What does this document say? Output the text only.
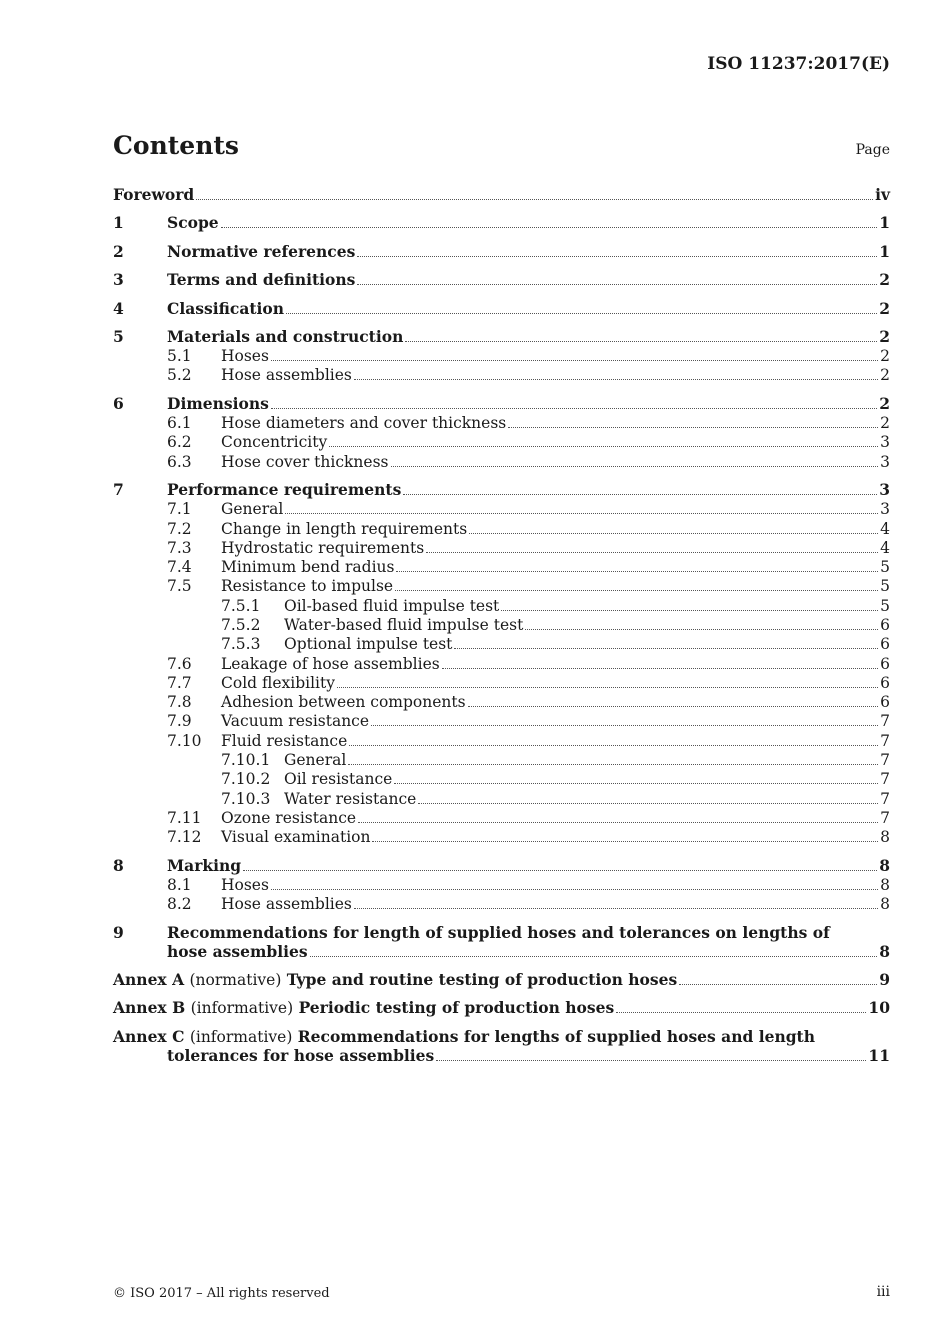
ISO 11237:2017(E)
Contents	Page
Foreword	iv
1	Scope	1
2	Normative references	1
3	Terms and definitions	2
4	Classification	2
5	Materials and construction	2
5.1	Hoses	2
5.2	Hose assemblies	2
6	Dimensions	2
6.1	Hose diameters and cover thickness	2
6.2	Concentricity	3
6.3	Hose cover thickness	3
7	Performance requirements	3
7.1	General	3
7.2	Change in length requirements	4
7.3	Hydrostatic requirements	4
7.4	Minimum bend radius	5
7.5	Resistance to impulse	5
7.5.1	Oil-based fluid impulse test	5
7.5.2	Water-based fluid impulse test	6
7.5.3	Optional impulse test	6
7.6	Leakage of hose assemblies	6
7.7	Cold flexibility	6
7.8	Adhesion between components	6
7.9	Vacuum resistance	7
7.10	Fluid resistance	7
7.10.1 General	7
7.10.2 Oil resistance	7
7.10.3 Water resistance	7
7.11	Ozone resistance	7
7.12	Visual examination	8
8	Marking	8
8.1	Hoses	8
8.2	Hose assemblies	8
9	Recommendations for length of supplied hoses and tolerances on lengths of
hose assemblies	8
Annex A (normative) Type and routine testing of production hoses	9
Annex B (informative) Periodic testing of production hoses	10
Annex C (informative) Recommendations for lengths of supplied hoses and length
tolerances for hose assemblies	11
© ISO 2017 – All rights reserved	iii
